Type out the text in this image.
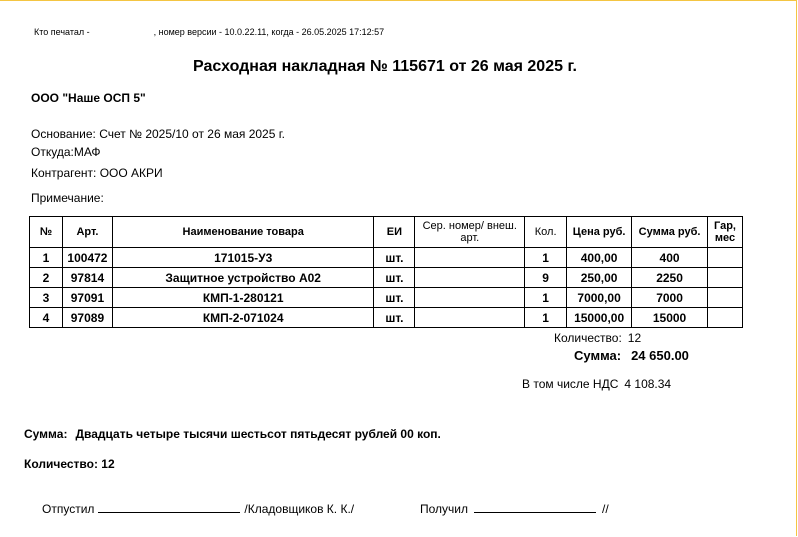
Кто печатал -	, номер версии - 10.0.22.11, когда - 26.05.2025 17:12:57
Расходная накладная № 115671 от 26 мая 2025 г.
ООО "Наше ОСП 5"
Основание: Счет № 2025/10 от 26 мая 2025 г.
Откуда:МАФ
Контрагент: ООО АКРИ
Примечание:
№	Арт.	Наименование товара	ЕИ	Сер. номер/ внеш. арт.	Кол.	Цена руб.	Сумма руб.	Гар, мес
1	100472	171015-У3	шт.		1	400,00	400	
2	97814	Защитное устройство А02	шт.		9	250,00	2250	
3	97091	КМП-1-280121	шт.		1	7000,00	7000	
4	97089	КМП-2-071024	шт.		1	15000,00	15000	
Количество: 12
Сумма: 24 650.00
В том числе НДС 4 108.34
Сумма: Двадцать четыре тысячи шестьсот пятьдесят рублей 00 коп.
Количество: 12
Отпустил	/Кладовщиков К. К./	Получил	//
